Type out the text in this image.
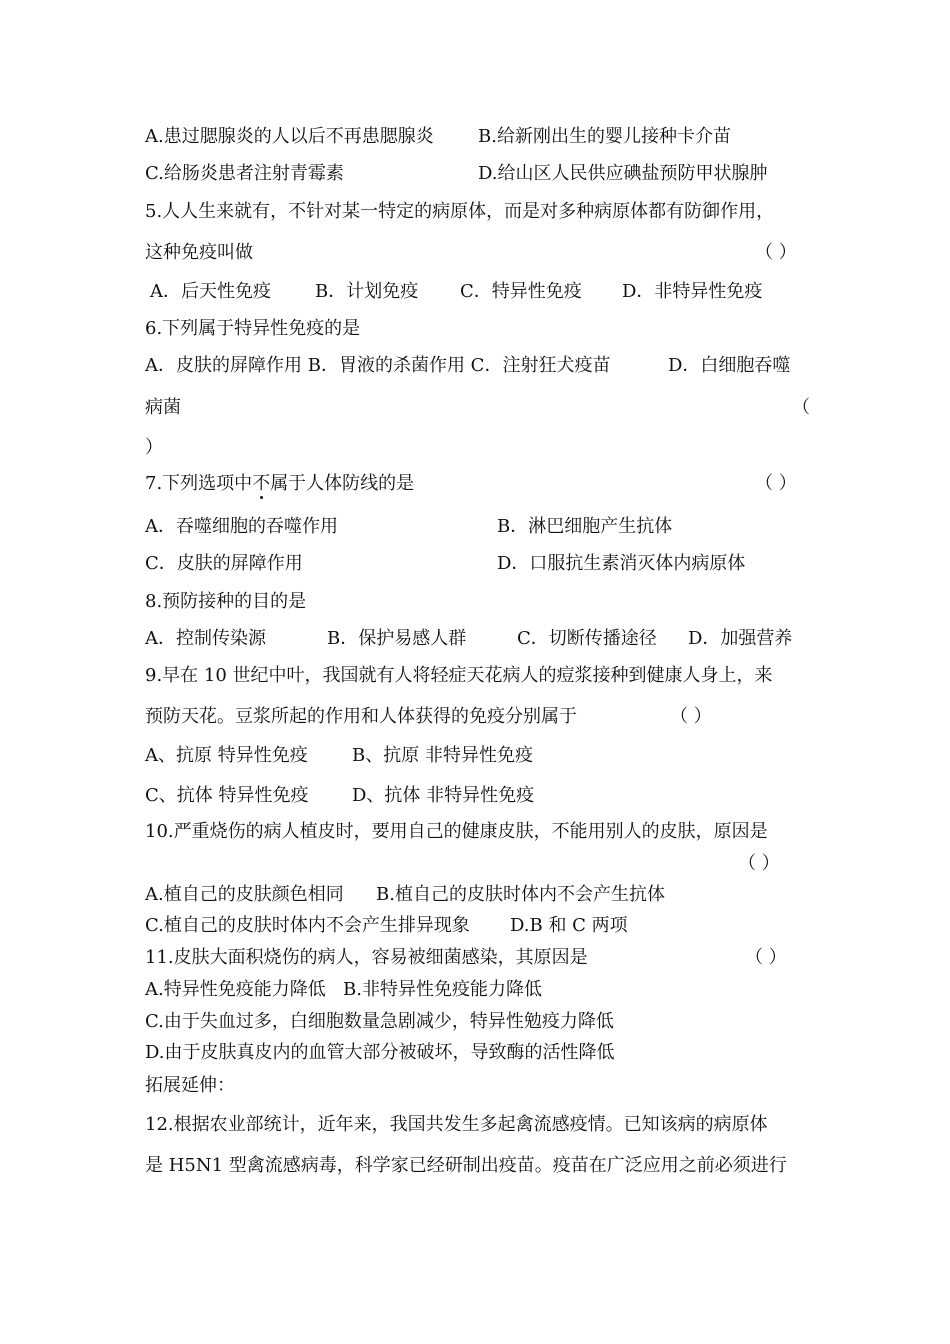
A.患过腮腺炎的人以后不再患腮腺炎 B.给新刚出生的婴儿接种卡介苗
C.给肠炎患者注射青霉素	D.给山区人民供应碘盐预防甲状腺肿
5.人人生来就有，不针对某一特定的病原体，而是对多种病原体都有防御作用，
这种免疫叫做	（ ）
A．后天性免疫 B．计划免疫 C．特异性免疫 D．非特异性免疫
6.下列属于特异性免疫的是
A．皮肤的屏障作用 B．胃液的杀菌作用 C．注射狂犬疫苗	D．白细胞吞噬
病菌	（
）
7.下列选项中不属于人体防线的是	（ ）
A．吞噬细胞的吞噬作用	B．淋巴细胞产生抗体
C．皮肤的屏障作用	D．口服抗生素消灭体内病原体
8.预防接种的目的是
A．控制传染源	B．保护易感人群	C．切断传播途径 D．加强营养
9.早在 10 世纪中叶，我国就有人将轻症天花病人的痘浆接种到健康人身上，来
预防天花。豆浆所起的作用和人体获得的免疫分别属于	（ ）
A、抗原 特异性免疫 B、抗原 非特异性免疫
C、抗体 特异性免疫 D、抗体 非特异性免疫
10.严重烧伤的病人植皮时，要用自己的健康皮肤，不能用别人的皮肤，原因是
（ ）
A.植自己的皮肤颜色相同 B.植自己的皮肤时体内不会产生抗体
C.植自己的皮肤时体内不会产生排异现象 D.B 和 C 两项
11.皮肤大面积烧伤的病人，容易被细菌感染，其原因是	（ ）
A.特异性免疫能力降低 B.非特异性免疫能力降低
C.由于失血过多，白细胞数量急剧减少，特异性勉疫力降低
D.由于皮肤真皮内的血管大部分被破坏，导致酶的活性降低
拓展延伸：
12.根据农业部统计，近年来，我国共发生多起禽流感疫情。已知该病的病原体
是 H5N1 型禽流感病毒，科学家已经研制出疫苗。疫苗在广泛应用之前必须进行
